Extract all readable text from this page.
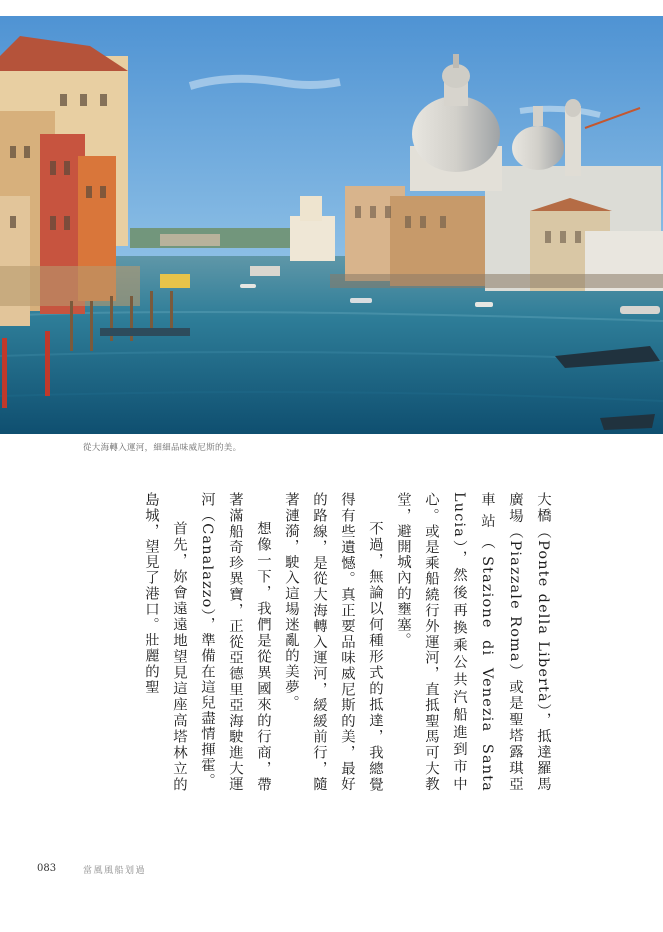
從大海轉入運河，細細品味威尼斯的美。

大橋（Ponte della Libertà），抵達羅馬廣場（Piazzale Roma）或是聖塔露琪亞車站（Stazione di Venezia Santa Lucia），然後再換乘公共汽船進到市中心。或是乘船繞行外運河，直抵聖馬可大教堂，避開城內的壅塞。

不過，無論以何種形式的抵達，我總覺得有些遺憾。真正要品味威尼斯的美，最好的路線，是從大海轉入運河，緩緩前行，隨著漣漪，駛入這場迷亂的美夢。

想像一下，我們是從異國來的行商，帶著滿船奇珍異寶，正從亞德里亞海駛進大運河（Canalazzo），準備在這兒盡情揮霍。

首先，妳會遠遠地望見這座高塔林立的島城，望見了港口。壯麗的聖

083	當風風船划過
